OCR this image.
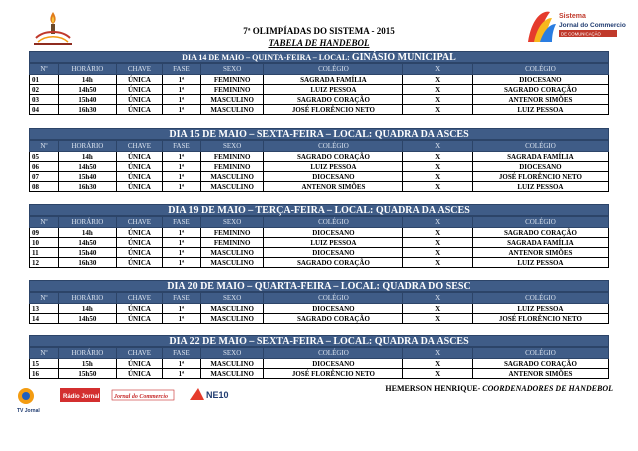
Sistema
Jornal do Commercio
DE COMUNICAÇÃO
7ª OLIMPÍADAS DO SISTEMA - 2015
TABELA DE HANDEBOL
DIA 14 DE MAIO – QUINTA-FEIRA – LOCAL: GINÁSIO MUNICIPAL
Nº	HORÁRIO	CHAVE	FASE	SEXO	COLÉGIO	X	COLÉGIO
01	14h	ÚNICA	1ª	FEMININO	SAGRADA FAMÍLIA	X	DIOCESANO
02	14h50	ÚNICA	1ª	FEMININO	LUIZ PESSOA	X	SAGRADO CORAÇÃO
03	15h40	ÚNICA	1ª	MASCULINO	SAGRADO CORAÇÃO	X	ANTENOR SIMÕES
04	16h30	ÚNICA	1ª	MASCULINO	JOSÉ FLORÊNCIO NETO	X	LUIZ PESSOA
DIA 15 DE MAIO – SEXTA-FEIRA – LOCAL: QUADRA DA ASCES
Nº	HORÁRIO	CHAVE	FASE	SEXO	COLÉGIO	X	COLÉGIO
05	14h	ÚNICA	1ª	FEMININO	SAGRADO CORAÇÃO	X	SAGRADA FAMÍLIA
06	14h50	ÚNICA	1ª	FEMININO	LUIZ PESSOA	X	DIOCESANO
07	15h40	ÚNICA	1ª	MASCULINO	DIOCESANO	X	JOSÉ FLORÊNCIO NETO
08	16h30	ÚNICA	1ª	MASCULINO	ANTENOR SIMÕES	X	LUIZ PESSOA
DIA 19 DE MAIO – TERÇA-FEIRA – LOCAL: QUADRA DA ASCES
Nº	HORÁRIO	CHAVE	FASE	SEXO	COLÉGIO	X	COLÉGIO
09	14h	ÚNICA	1ª	FEMININO	DIOCESANO	X	SAGRADO CORAÇÃO
10	14h50	ÚNICA	1ª	FEMININO	LUIZ PESSOA	X	SAGRADA FAMÍLIA
11	15h40	ÚNICA	1ª	MASCULINO	DIOCESANO	X	ANTENOR SIMÕES
12	16h30	ÚNICA	1ª	MASCULINO	SAGRADO CORAÇÃO	X	LUIZ PESSOA
DIA 20 DE MAIO – QUARTA-FEIRA – LOCAL: QUADRA DO SESC
Nº	HORÁRIO	CHAVE	FASE	SEXO	COLÉGIO	X	COLÉGIO
13	14h	ÚNICA	1ª	MASCULINO	DIOCESANO	X	LUIZ PESSOA
14	14h50	ÚNICA	1ª	MASCULINO	SAGRADO CORAÇÃO	X	JOSÉ FLORÊNCIO NETO
DIA 22 DE MAIO – SEXTA-FEIRA – LOCAL: QUADRA DA ASCES
Nº	HORÁRIO	CHAVE	FASE	SEXO	COLÉGIO	X	COLÉGIO
15	15h	ÚNICA	1ª	MASCULINO	DIOCESANO	X	SAGRADO CORAÇÃO
16	15h50	ÚNICA	1ª	MASCULINO	JOSÉ FLORÊNCIO NETO	X	ANTENOR SIMÕES
TV Jornal
Rádio Jornal Jornal do Commercio	NE10
HEMERSON HENRIQUE- COORDENADORES DE HANDEBOL
